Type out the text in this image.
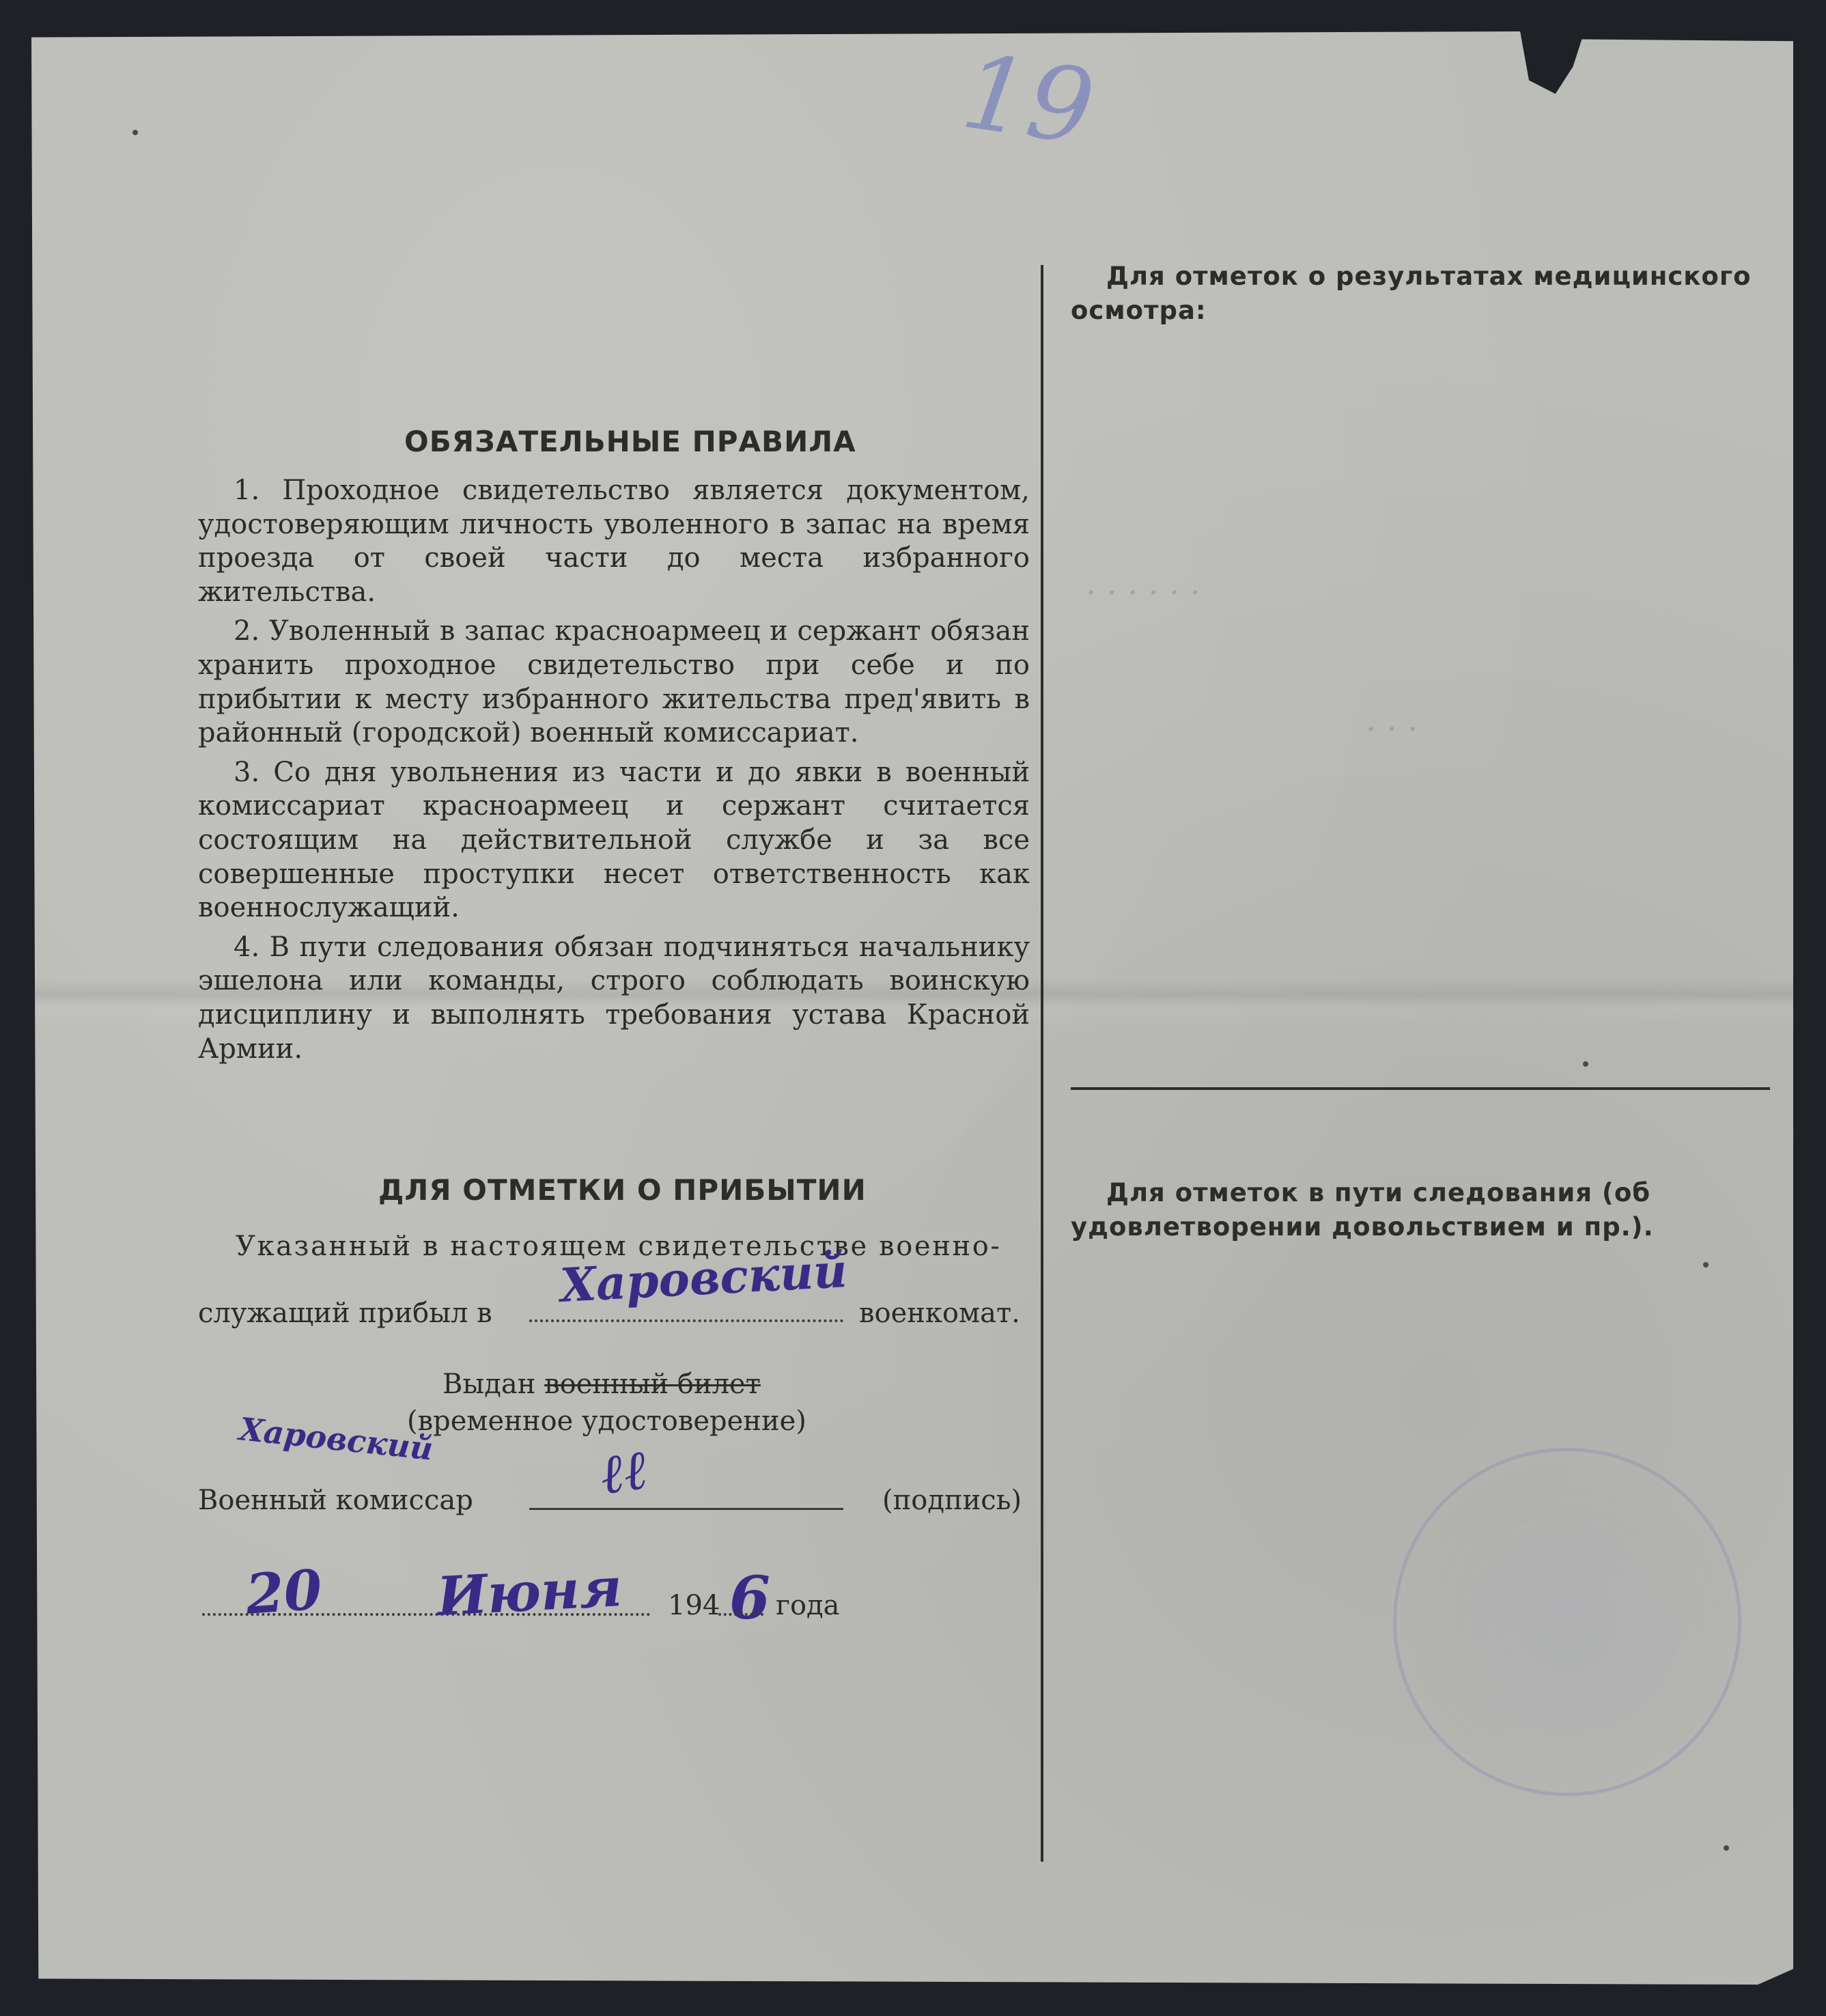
19
· · · · · ·
· · ·
ОБЯЗАТЕЛЬНЫЕ ПРАВИЛА

1. Проходное свидетельство является документом, удостоверяющим личность уволенного в запас на время проезда от своей части до места избранного жительства.

2. Уволенный в запас красноармеец и сержант обязан хранить проходное свидетельство при себе и по прибытии к месту избранного жительства пред'явить в районный (городской) военный комиссариат.

3. Со дня увольнения из части и до явки в военный комиссариат красноармеец и сержант считается состоящим на действительной службе и за все совершенные проступки несет ответственность как военнослужащий.

4. В пути следования обязан подчиняться начальнику эшелона или команды, строго соблюдать воинскую дисциплину и выполнять требования устава Красной Армии.

ДЛЯ ОТМЕТКИ О ПРИБЫТИИ
Указанный в настоящем свидетельстве военно-
служащий прибыл в	военкомат.
Харовский
Выдан военный билет
(временное удостоверение)
Харовский
Военный комиссар	(подпись)
ℓℓ
20 Июня 194 6 года
Для отметок о результатах медицинского осмотра:
Для отметок в пути следования (об удовлетворении довольствием и пр.).
